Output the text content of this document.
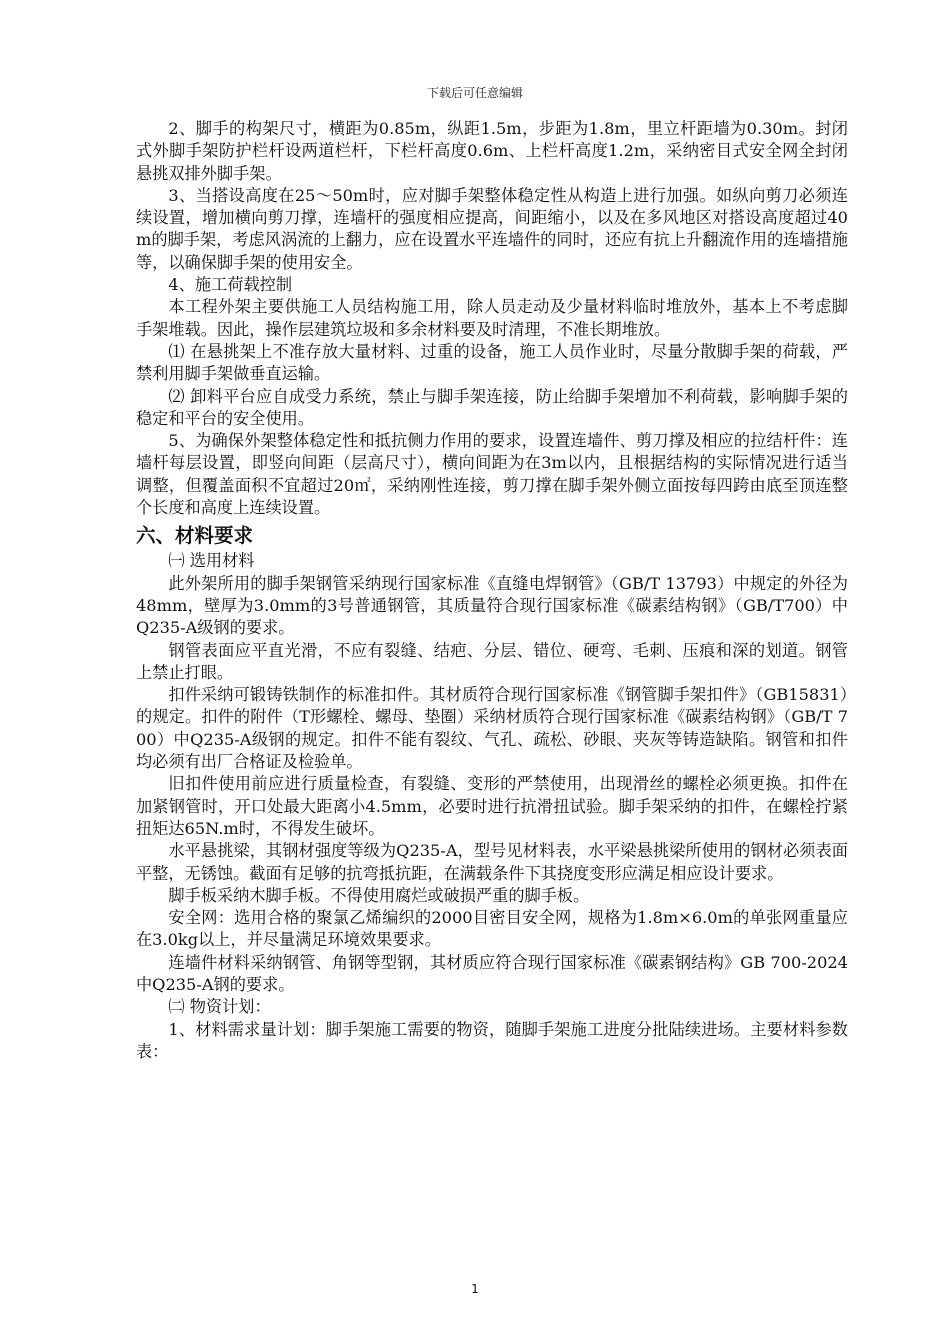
下载后可任意编辑

2、脚手的构架尺寸，横距为0.85m，纵距1.5m，步距为1.8m，里立杆距墙为0.30m。封闭式外脚手架防护栏杆设两道栏杆，下栏杆高度0.6m、上栏杆高度1.2m，采纳密目式安全网全封闭悬挑双排外脚手架。

3、当搭设高度在25～50m时，应对脚手架整体稳定性从构造上进行加强。如纵向剪刀必须连续设置，增加横向剪刀撑，连墙杆的强度相应提高，间距缩小，以及在多风地区对搭设高度超过40m的脚手架，考虑风涡流的上翻力，应在设置水平连墙件的同时，还应有抗上升翻流作用的连墙措施等，以确保脚手架的使用安全。

4、施工荷载控制

本工程外架主要供施工人员结构施工用，除人员走动及少量材料临时堆放外，基本上不考虑脚手架堆载。因此，操作层建筑垃圾和多余材料要及时清理，不准长期堆放。

⑴ 在悬挑架上不准存放大量材料、过重的设备，施工人员作业时，尽量分散脚手架的荷载，严禁利用脚手架做垂直运输。

⑵ 卸料平台应自成受力系统，禁止与脚手架连接，防止给脚手架增加不利荷载，影响脚手架的稳定和平台的安全使用。

5、为确保外架整体稳定性和抵抗侧力作用的要求，设置连墙件、剪刀撑及相应的拉结杆件：连墙杆每层设置，即竖向间距（层高尺寸），横向间距为在3m以内，且根据结构的实际情况进行适当调整，但覆盖面积不宜超过20㎡，采纳刚性连接，剪刀撑在脚手架外侧立面按每四跨由底至顶连整个长度和高度上连续设置。

六、材料要求

㈠ 选用材料

此外架所用的脚手架钢管采纳现行国家标准《直缝电焊钢管》（GB/T 13793）中规定的外径为48mm，壁厚为3.0mm的3号普通钢管，其质量符合现行国家标准《碳素结构钢》（GB/T700）中Q235-A级钢的要求。

钢管表面应平直光滑，不应有裂缝、结疤、分层、错位、硬弯、毛刺、压痕和深的划道。钢管上禁止打眼。

扣件采纳可锻铸铁制作的标准扣件。其材质符合现行国家标准《钢管脚手架扣件》（GB15831）的规定。扣件的附件（T形螺栓、螺母、垫圈）采纳材质符合现行国家标准《碳素结构钢》（GB/T 700）中Q235-A级钢的规定。扣件不能有裂纹、气孔、疏松、砂眼、夹灰等铸造缺陷。钢管和扣件均必须有出厂合格证及检验单。

旧扣件使用前应进行质量检查，有裂缝、变形的严禁使用，出现滑丝的螺栓必须更换。扣件在加紧钢管时，开口处最大距离小4.5mm，必要时进行抗滑扭试验。脚手架采纳的扣件，在螺栓拧紧扭矩达65N.m时，不得发生破坏。

水平悬挑梁，其钢材强度等级为Q235-A，型号见材料表，水平梁悬挑梁所使用的钢材必须表面平整，无锈蚀。截面有足够的抗弯抵抗距，在满载条件下其挠度变形应满足相应设计要求。

脚手板采纳木脚手板。不得使用腐烂或破损严重的脚手板。

安全网：选用合格的聚氯乙烯编织的2000目密目安全网，规格为1.8m×6.0m的单张网重量应在3.0kg以上，并尽量满足环境效果要求。

连墙件材料采纳钢管、角钢等型钢，其材质应符合现行国家标准《碳素钢结构》GB 700-2024中Q235-A钢的要求。

㈡ 物资计划：

1、材料需求量计划：脚手架施工需要的物资，随脚手架施工进度分批陆续进场。主要材料参数表：

1
